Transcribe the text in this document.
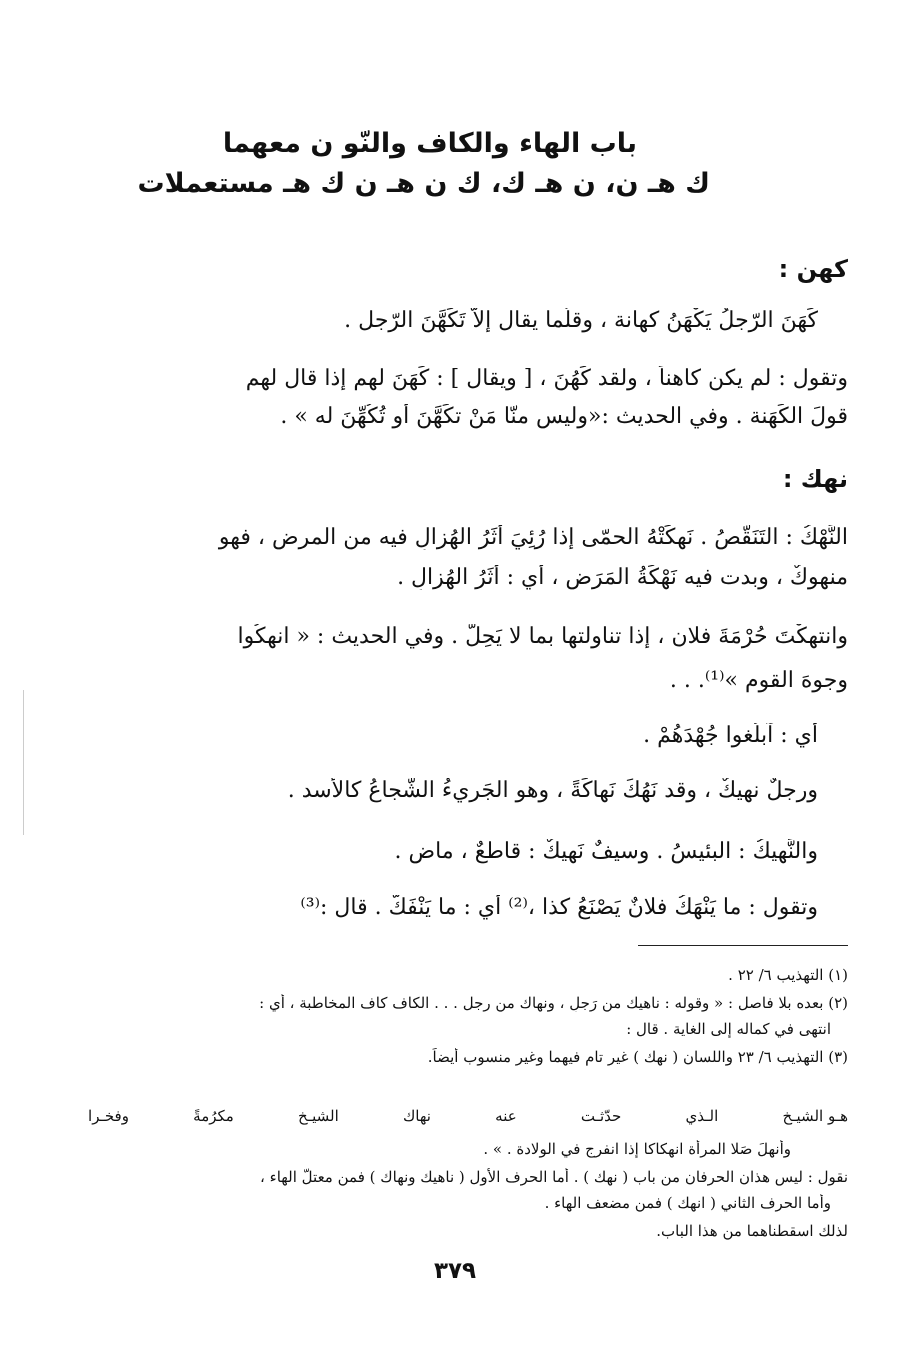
باب الهاء والكاف والنّو ن معهما
ك هـ ن، ن هـ ك، ك ن هـ ن ك هـ مستعملات
كهن :
كَهَنَ الرّجلُ يَكْهَنُ كهانة ، وقلّما يقال إلاّ تَكَهَّنَ الرّجل .
وتقول : لم يكن كاهناً ، ولقد كَهُنَ ، [ ويقال ] : كَهَنَ لهم إذا قال لهم
قولَ الكَهَنة . وفي الحديث :«وليس منّا مَنْ تكَهَّنَ أو تُكُهِّنَ له » .
نهك :
النَّهْكُ : التَنَقُّصُ . نَهكَتْهُ الحمّى إذا رُئِيَ أَثَرُ الهُزالِ فيه من المرض ، فهو
منهوكٌ ، وبدت فيه نَهْكَةُ المَرَض ، أي : أَثَرُ الهُزالِ .
وانتهكْتَ حُرْمَةَ فلان ، إذا تناولتها بما لا يَحِلُّ . وفي الحديث : « انهكُوا
وجوهَ القوم »⁽¹⁾. . .
أي : آبلُغوا جُهْدَهُمْ .
ورجلٌ نهيكٌ ، وقد نَهُكَ نَهاكَةً ، وهو الجَريءُ الشُّجاعُ كالأسد .
والنَّهيكُ : البئيسُ . وسيفٌ نَهيكٌ : قاطعٌ ، ماضٍ .
وتقول : ما يَنْهَكُ فلانٌ يَصْنَعُ كذا ،⁽²⁾ أي : ما يَنْفَكُّ . قال :⁽³⁾
(١) التهذيب ٦/ ٢٢ .
(٢) بعده بلا فاصل : « وقوله : ناهيك من رَجلٍ ، ونهاك من رجل . . . الكاف كاف المخاطبة ، أي :
انتهى في كماله إلى الغاية . قال :
(٣) التهذيب ٦/ ٢٣ واللسان ( نهك ) غير تام فيهما وغير منسوب أيضاً.
هـو الشيـخ
الـذي
حدّثـت
عنه
نهاك
الشيـخ
مكرُمةً
وفخـرا
وأَنهلَ صَلا المرأة انهكاكا إذا انفرج في الولادة . » .
نقول : ليس هذان الحرفان من باب ( نهك ) . أما الحرف الأول ( ناهيك ونهاك ) فمن معتلّ الهاء ،
وأما الحرف الثاني ( انهك ) فمن مضعف الهاء .
لذلك اسقطناهما من هذا الباب.
٣٧٩
